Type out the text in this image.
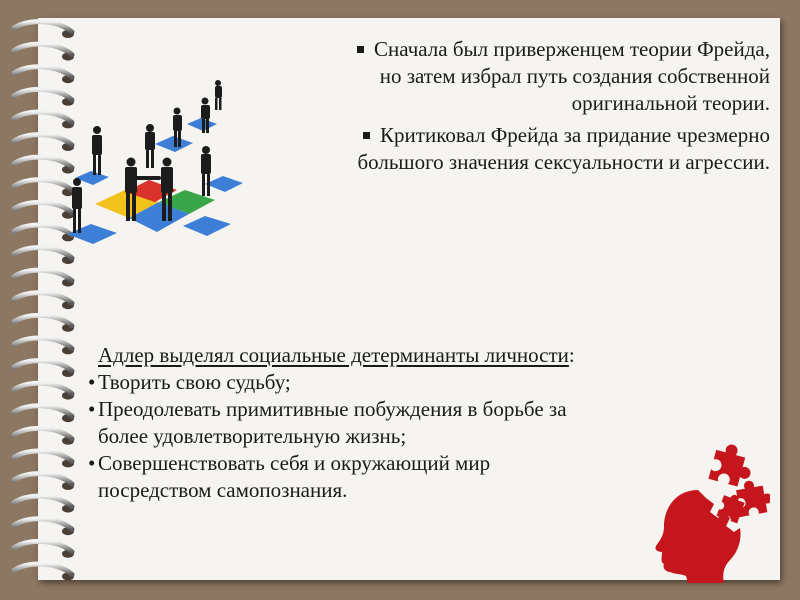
Сначала был приверженцем теории Фрейда,
но затем избрал путь создания собственной
оригинальной теории.

Критиковал Фрейда за придание чрезмерно
большого значения сексуальности и агрессии.

Адлер выделял социальные детерминанты личности:

• Творить свою судьбу;

• Преодолевать примитивные побуждения в борьбе за
более удовлетворительную жизнь;

• Совершенствовать себя и окружающий мир
посредством самопознания.
